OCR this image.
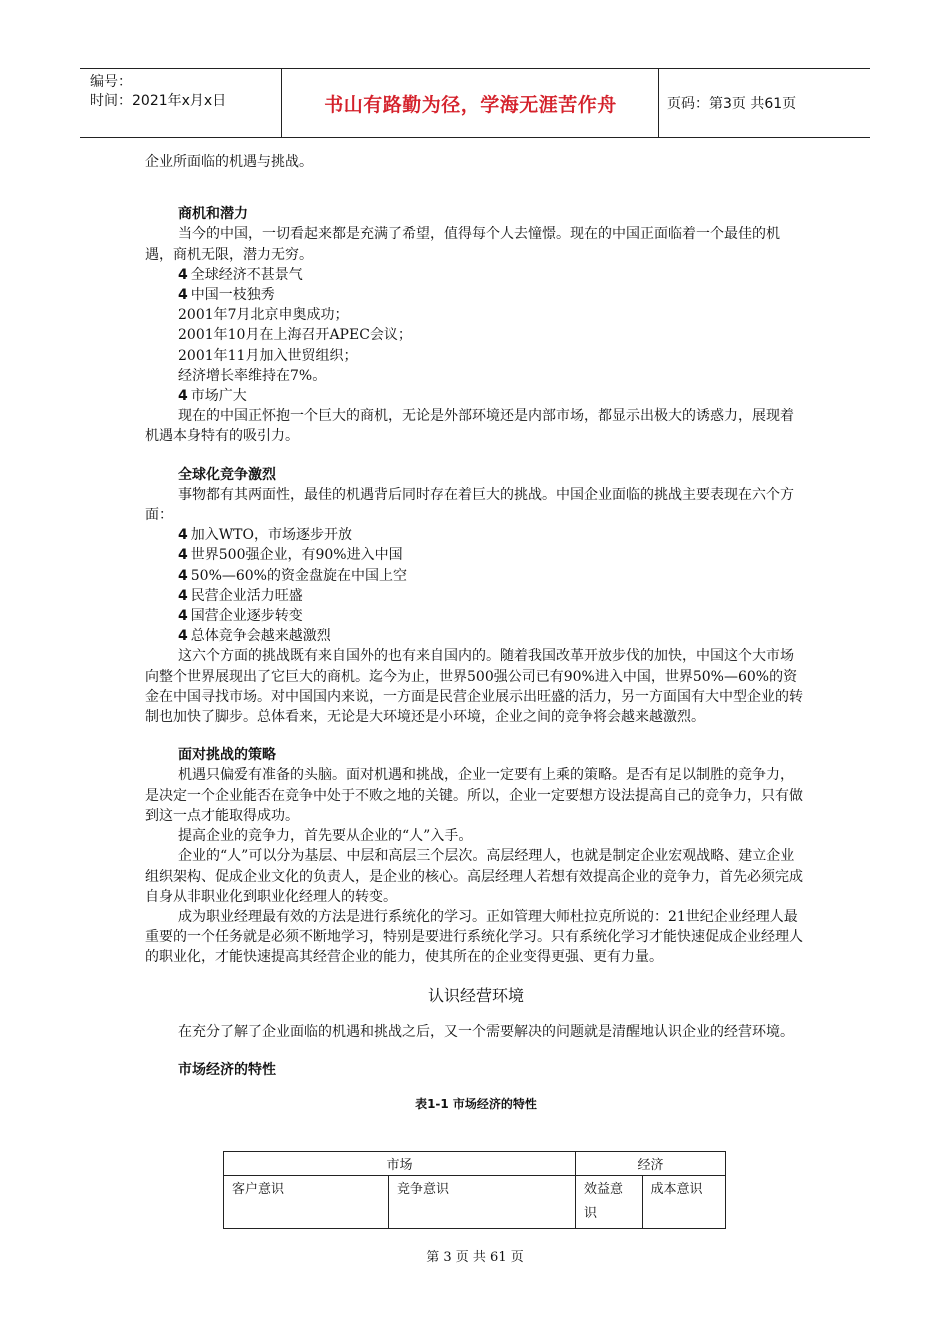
编号：
时间：2021年x月x日	书山有路勤为径，学海无涯苦作舟	页码：第3页 共61页

企业所面临的机遇与挑战。

商机和潜力

当今的中国，一切看起来都是充满了希望，值得每个人去憧憬。现在的中国正面临着一个最佳的机遇，商机无限，潜力无穷。

4 全球经济不甚景气

4 中国一枝独秀

2001年7月北京申奥成功；

2001年10月在上海召开APEC会议；

2001年11月加入世贸组织；

经济增长率维持在7%。

4 市场广大

现在的中国正怀抱一个巨大的商机，无论是外部环境还是内部市场，都显示出极大的诱惑力，展现着机遇本身特有的吸引力。

全球化竞争激烈

事物都有其两面性，最佳的机遇背后同时存在着巨大的挑战。中国企业面临的挑战主要表现在六个方面：

4 加入WTO，市场逐步开放

4 世界500强企业，有90%进入中国

4 50%—60%的资金盘旋在中国上空

4 民营企业活力旺盛

4 国营企业逐步转变

4 总体竞争会越来越激烈

这六个方面的挑战既有来自国外的也有来自国内的。随着我国改革开放步伐的加快，中国这个大市场向整个世界展现出了它巨大的商机。迄今为止，世界500强公司已有90%进入中国，世界50%—60%的资金在中国寻找市场。对中国国内来说，一方面是民营企业展示出旺盛的活力，另一方面国有大中型企业的转制也加快了脚步。总体看来，无论是大环境还是小环境，企业之间的竞争将会越来越激烈。

面对挑战的策略

机遇只偏爱有准备的头脑。面对机遇和挑战，企业一定要有上乘的策略。是否有足以制胜的竞争力，是决定一个企业能否在竞争中处于不败之地的关键。所以，企业一定要想方设法提高自己的竞争力，只有做到这一点才能取得成功。

提高企业的竞争力，首先要从企业的“人”入手。

企业的“人”可以分为基层、中层和高层三个层次。高层经理人，也就是制定企业宏观战略、建立企业组织架构、促成企业文化的负责人，是企业的核心。高层经理人若想有效提高企业的竞争力，首先必须完成自身从非职业化到职业化经理人的转变。

成为职业经理最有效的方法是进行系统化的学习。正如管理大师杜拉克所说的：21世纪企业经理人最重要的一个任务就是必须不断地学习，特别是要进行系统化学习。只有系统化学习才能快速促成企业经理人的职业化，才能快速提高其经营企业的能力，使其所在的企业变得更强、更有力量。

认识经营环境

在充分了解了企业面临的机遇和挑战之后，又一个需要解决的问题就是清醒地认识企业的经营环境。

市场经济的特性

表1-1 市场经济的特性

市场		经济	
客户意识	竞争意识	效益意识	成本意识
第 3 页 共 61 页
